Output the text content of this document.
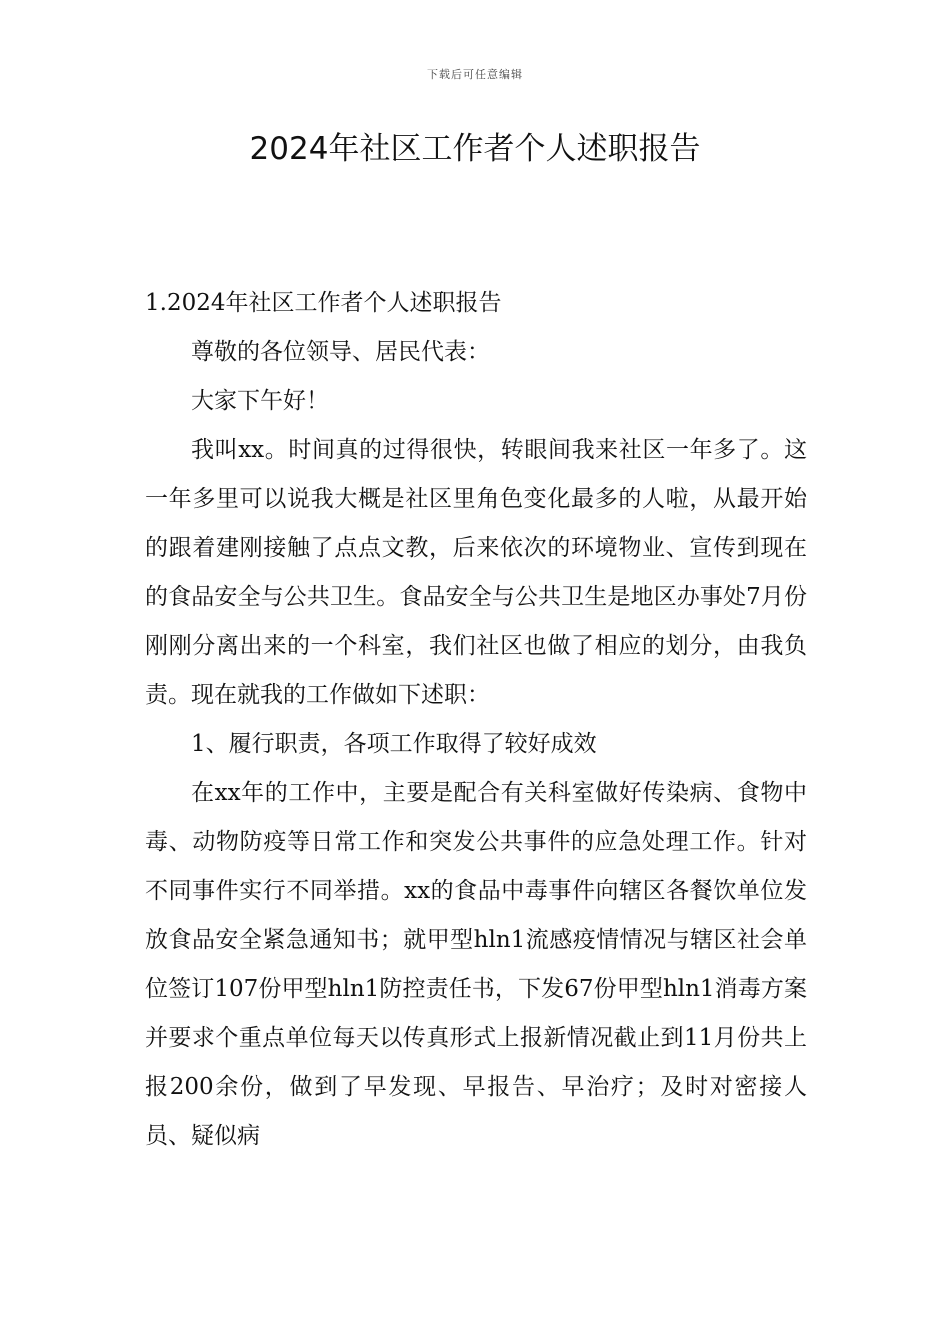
下载后可任意编辑
2024年社区工作者个人述职报告

1.2024年社区工作者个人述职报告

尊敬的各位领导、居民代表：

大家下午好！

我叫xx。时间真的过得很快，转眼间我来社区一年多了。这一年多里可以说我大概是社区里角色变化最多的人啦，从最开始的跟着建刚接触了点点文教，后来依次的环境物业、宣传到现在的食品安全与公共卫生。食品安全与公共卫生是地区办事处7月份刚刚分离出来的一个科室，我们社区也做了相应的划分，由我负责。现在就我的工作做如下述职：

1、履行职责，各项工作取得了较好成效

在xx年的工作中，主要是配合有关科室做好传染病、食物中毒、动物防疫等日常工作和突发公共事件的应急处理工作。针对不同事件实行不同举措。xx的食品中毒事件向辖区各餐饮单位发放食品安全紧急通知书；就甲型hln1流感疫情情况与辖区社会单位签订107份甲型hln1防控责任书，下发67份甲型hln1消毒方案并要求个重点单位每天以传真形式上报新情况截止到11月份共上报200余份，做到了早发现、早报告、早治疗；及时对密接人员、疑似病
